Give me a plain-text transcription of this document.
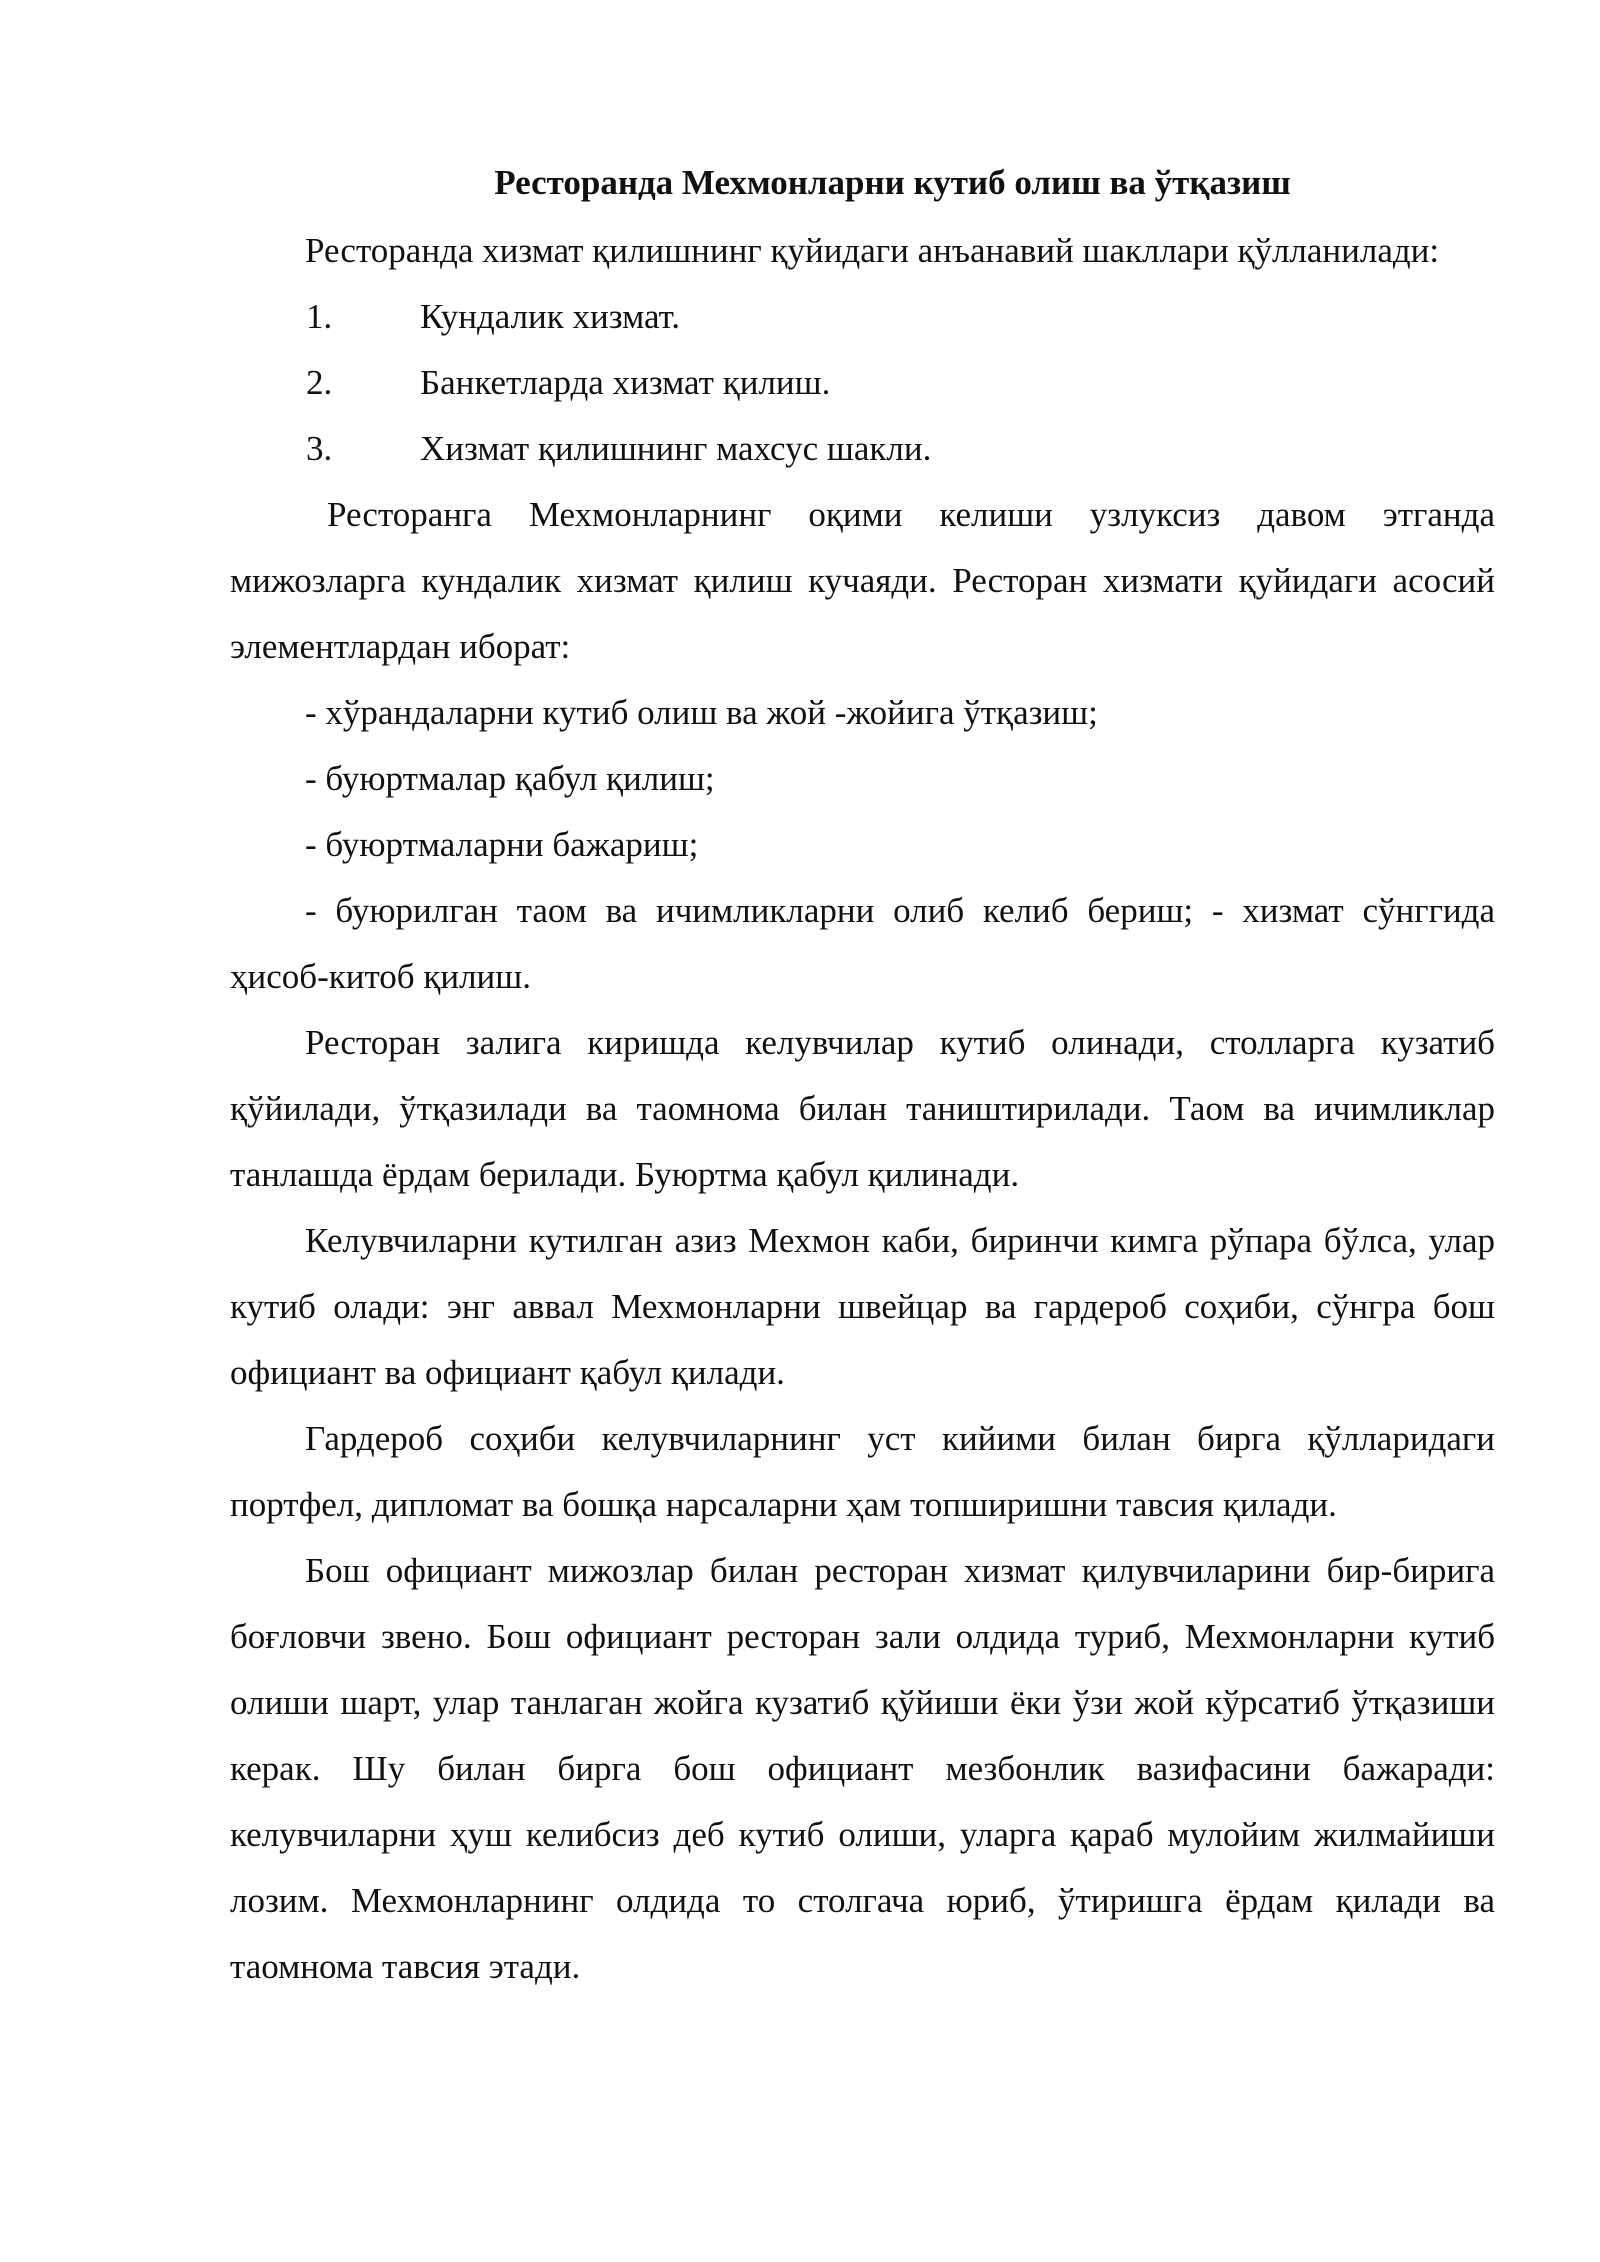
Ресторанда Мехмонларни кутиб олиш ва ўтқазиш

Ресторанда хизмат қилишнинг қуйидаги анъанавий шакллари қўлланилади:

1.	Кундалик хизмат.
2.	Банкетларда хизмат қилиш.
3.	Хизмат қилишнинг махсус шакли.

Ресторанга Мехмонларнинг оқими келиши узлуксиз давом этганда мижозларга кундалик хизмат қилиш кучаяди. Ресторан хизмати қуйидаги асосий элементлардан иборат:

- хўрандаларни кутиб олиш ва жой -жойига ўтқазиш;

- буюртмалар қабул қилиш;

- буюртмаларни бажариш;

- буюрилган таом ва ичимликларни олиб келиб бериш; - хизмат сўнггида ҳисоб-китоб қилиш.

Ресторан залига киришда келувчилар кутиб олинади, столларга кузатиб қўйилади, ўтқазилади ва таомнома билан таништирилади. Таом ва ичимликлар танлашда ёрдам берилади. Буюртма қабул қилинади.

Келувчиларни кутилган азиз Мехмон каби, биринчи кимга рўпара бўлса, улар кутиб олади: энг аввал Мехмонларни швейцар ва гардероб соҳиби, сўнгра бош официант ва официант қабул қилади.

Гардероб соҳиби келувчиларнинг уст кийими билан бирга қўлларидаги портфел, дипломат ва бошқа нарсаларни ҳам топширишни тавсия қилади.

Бош официант мижозлар билан ресторан хизмат қилувчиларини бир-бирига боғловчи звено. Бош официант ресторан зали олдида туриб, Мехмонларни кутиб олиши шарт, улар танлаган жойга кузатиб қўйиши ёки ўзи жой кўрсатиб ўтқазиши керак. Шу билан бирга бош официант мезбонлик вазифасини бажаради: келувчиларни ҳуш келибсиз деб кутиб олиши, уларга қараб мулойим жилмайиши лозим. Мехмонларнинг олдида то столгача юриб, ўтиришга ёрдам қилади ва таомнома тавсия этади.
